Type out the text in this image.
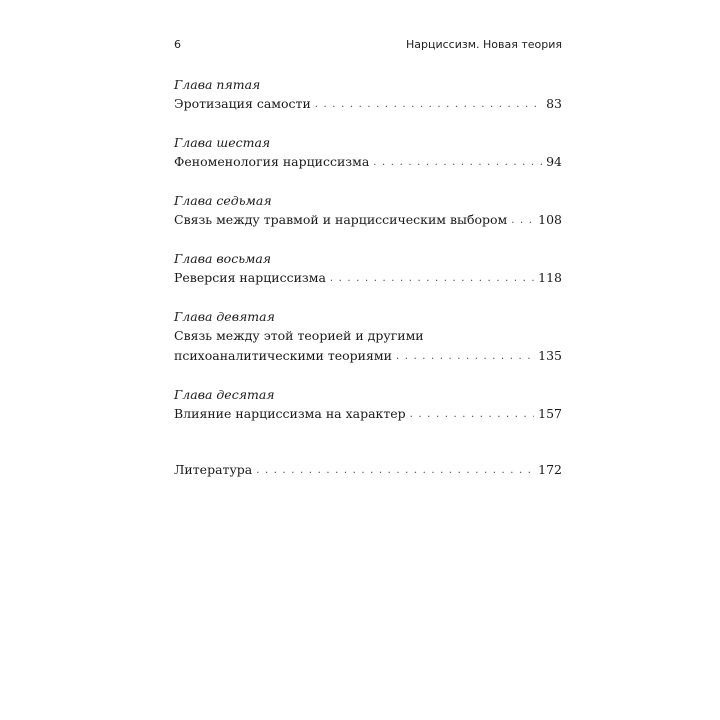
6	Нарциссизм. Новая теория
Глава пятая
Эротизация самости . . .	83
Глава шестая
Феноменология нарциссизма . . .	94
Глава седьмая
Связь между травмой и нарциссическим выбором . . . 108
Глава восьмая
Реверсия нарциссизма . . .	118
Глава девятая
Связь между этой теорией и другими
психоаналитическими теориями . . .	135
Глава десятая
Влияние нарциссизма на характер . . .	157
Литература . . .	172
